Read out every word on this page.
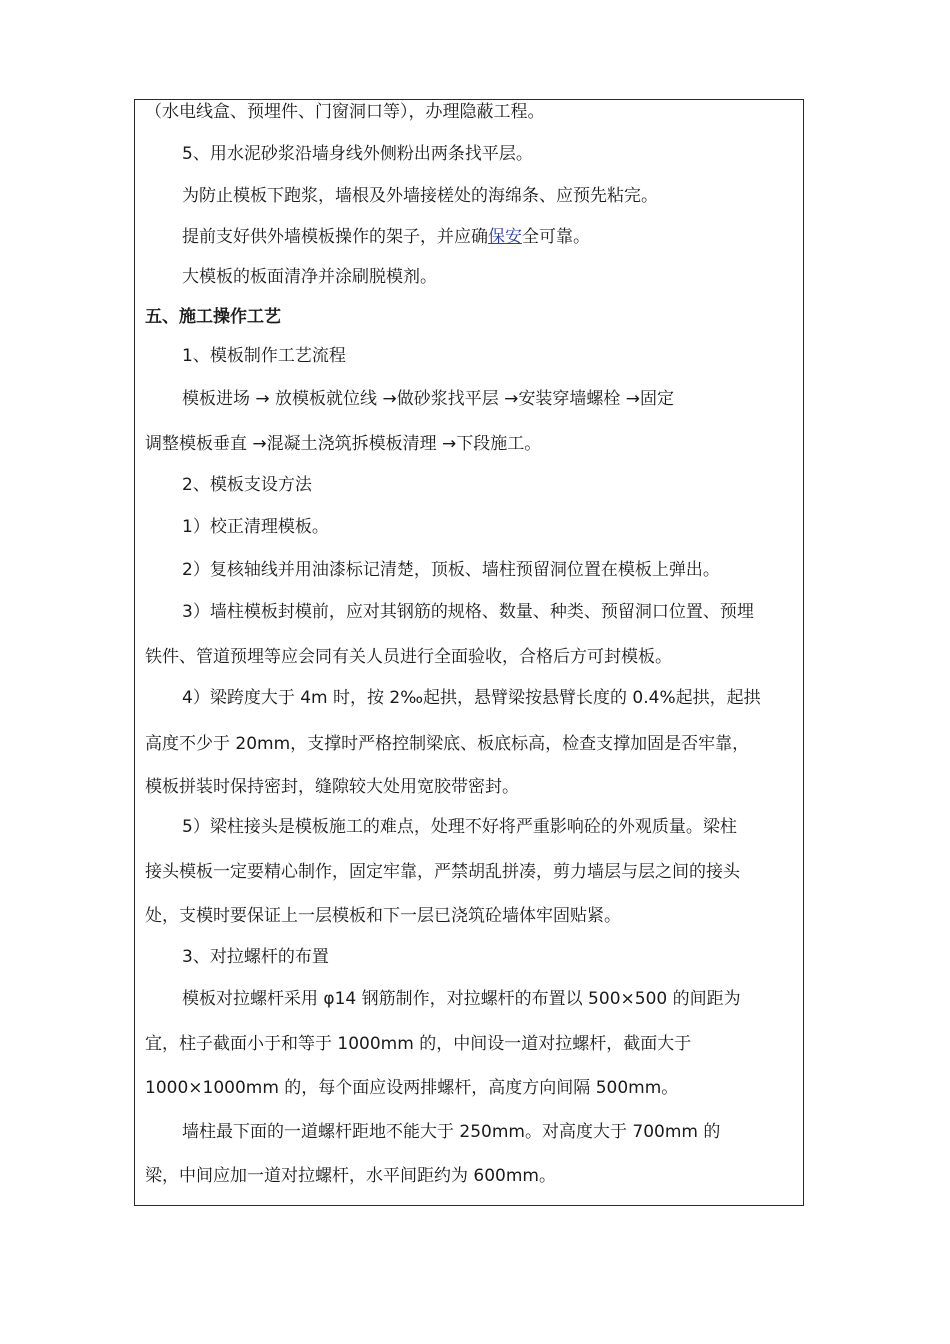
（水电线盒、预埋件、门窗洞口等），办理隐蔽工程。
5、用水泥砂浆沿墙身线外侧粉出两条找平层。
为防止模板下跑浆，墙根及外墙接槎处的海绵条、应预先粘完。
提前支好供外墙模板操作的架子，并应确保安全可靠。
大模板的板面清净并涂刷脱模剂。
五、施工操作工艺
1、模板制作工艺流程
模板进场 → 放模板就位线 →做砂浆找平层 →安装穿墙螺栓 →固定
调整模板垂直 →混凝土浇筑拆模板清理 →下段施工。
2、模板支设方法
1）校正清理模板。
2）复核轴线并用油漆标记清楚，顶板、墙柱预留洞位置在模板上弹出。
3）墙柱模板封模前，应对其钢筋的规格、数量、种类、预留洞口位置、预埋
铁件、管道预埋等应会同有关人员进行全面验收，合格后方可封模板。
4）梁跨度大于 4m 时，按 2‰起拱，悬臂梁按悬臂长度的 0.4%起拱，起拱
高度不少于 20mm，支撑时严格控制梁底、板底标高，检查支撑加固是否牢靠，
模板拼装时保持密封，缝隙较大处用宽胶带密封。
5）梁柱接头是模板施工的难点，处理不好将严重影响砼的外观质量。梁柱
接头模板一定要精心制作，固定牢靠，严禁胡乱拼凑，剪力墙层与层之间的接头
处，支模时要保证上一层模板和下一层已浇筑砼墙体牢固贴紧。
3、对拉螺杆的布置
模板对拉螺杆采用 φ14 钢筋制作，对拉螺杆的布置以 500×500 的间距为
宜，柱子截面小于和等于 1000mm 的，中间设一道对拉螺杆，截面大于
1000×1000mm 的，每个面应设两排螺杆，高度方向间隔 500mm。
墙柱最下面的一道螺杆距地不能大于 250mm。对高度大于 700mm 的
梁，中间应加一道对拉螺杆，水平间距约为 600mm。
